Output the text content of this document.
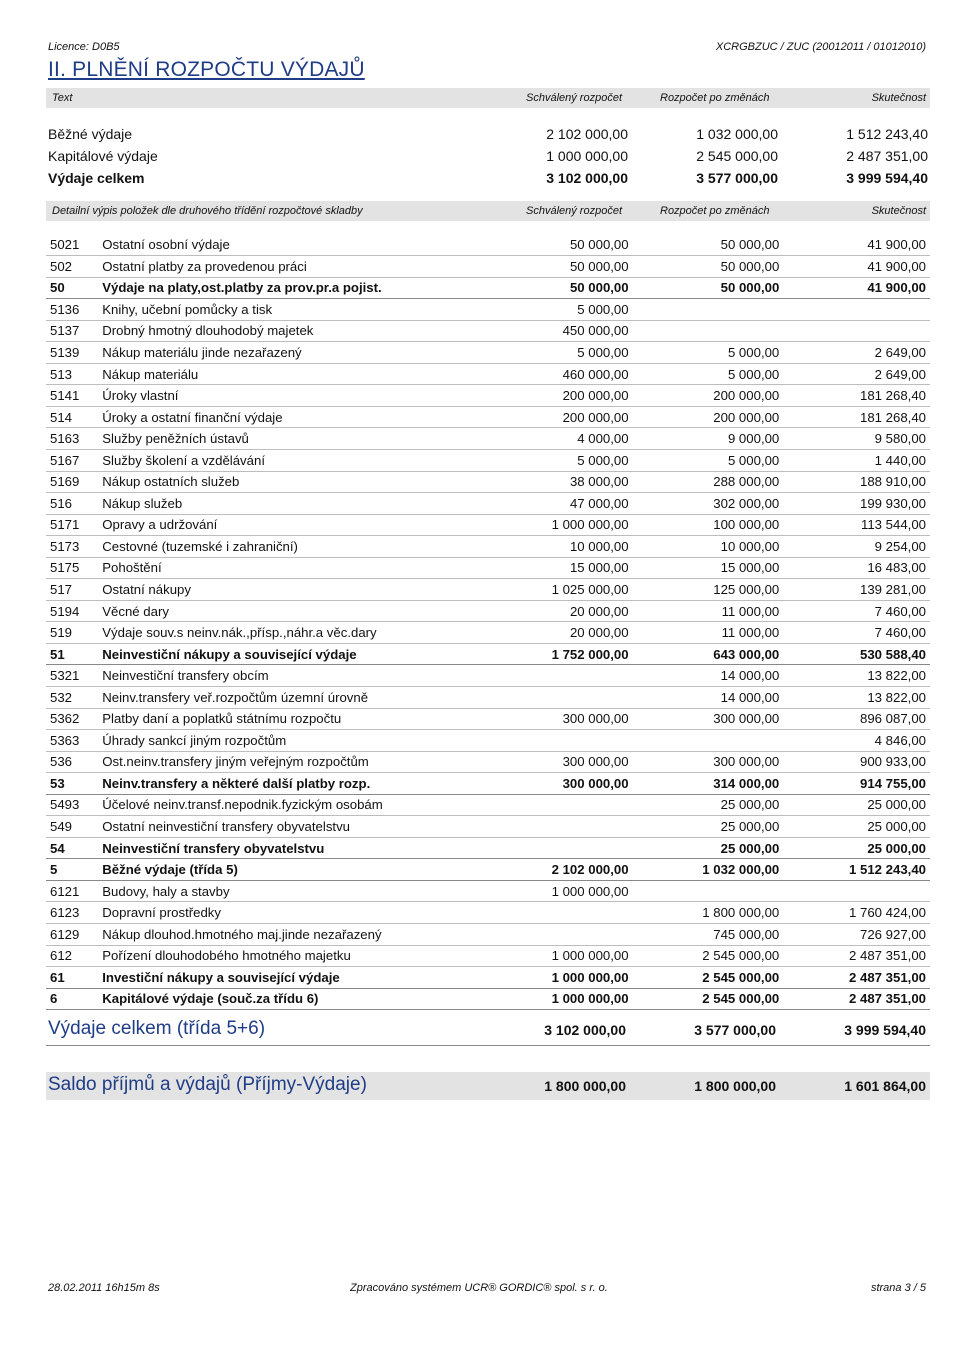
Licence: D0B5	XCRGBZUC / ZUC (20012011 / 01012010)
II. PLNĚNÍ ROZPOČTU VÝDAJŮ
Text	Schválený rozpočet	Rozpočet po změnách	Skutečnost
Běžné výdaje	2 102 000,00	1 032 000,00	1 512 243,40
Kapitálové výdaje	1 000 000,00	2 545 000,00	2 487 351,00
Výdaje celkem	3 102 000,00	3 577 000,00	3 999 594,40
Detailní výpis položek dle druhového třídění rozpočtové skladby	Schválený rozpočet	Rozpočet po změnách	Skutečnost
5021	Ostatní osobní výdaje	50 000,00	50 000,00	41 900,00
502	Ostatní platby za provedenou práci	50 000,00	50 000,00	41 900,00
50	Výdaje na platy,ost.platby za prov.pr.a pojist.	50 000,00	50 000,00	41 900,00
5136	Knihy, učební pomůcky a tisk	5 000,00		
5137	Drobný hmotný dlouhodobý majetek	450 000,00		
5139	Nákup materiálu jinde nezařazený	5 000,00	5 000,00	2 649,00
513	Nákup materiálu	460 000,00	5 000,00	2 649,00
5141	Úroky vlastní	200 000,00	200 000,00	181 268,40
514	Úroky a ostatní finanční výdaje	200 000,00	200 000,00	181 268,40
5163	Služby peněžních ústavů	4 000,00	9 000,00	9 580,00
5167	Služby školení a vzdělávání	5 000,00	5 000,00	1 440,00
5169	Nákup ostatních služeb	38 000,00	288 000,00	188 910,00
516	Nákup služeb	47 000,00	302 000,00	199 930,00
5171	Opravy a udržování	1 000 000,00	100 000,00	113 544,00
5173	Cestovné (tuzemské i zahraniční)	10 000,00	10 000,00	9 254,00
5175	Pohoštění	15 000,00	15 000,00	16 483,00
517	Ostatní nákupy	1 025 000,00	125 000,00	139 281,00
5194	Věcné dary	20 000,00	11 000,00	7 460,00
519	Výdaje souv.s neinv.nák.,přísp.,náhr.a věc.dary	20 000,00	11 000,00	7 460,00
51	Neinvestiční nákupy a související výdaje	1 752 000,00	643 000,00	530 588,40
5321	Neinvestiční transfery obcím		14 000,00	13 822,00
532	Neinv.transfery veř.rozpočtům územní úrovně		14 000,00	13 822,00
5362	Platby daní a poplatků státnímu rozpočtu	300 000,00	300 000,00	896 087,00
5363	Úhrady sankcí jiným rozpočtům			4 846,00
536	Ost.neinv.transfery jiným veřejným rozpočtům	300 000,00	300 000,00	900 933,00
53	Neinv.transfery a některé další platby rozp.	300 000,00	314 000,00	914 755,00
5493	Účelové neinv.transf.nepodnik.fyzickým osobám		25 000,00	25 000,00
549	Ostatní neinvestiční transfery obyvatelstvu		25 000,00	25 000,00
54	Neinvestiční transfery obyvatelstvu		25 000,00	25 000,00
5	Běžné výdaje (třída 5)	2 102 000,00	1 032 000,00	1 512 243,40
6121	Budovy, haly a stavby	1 000 000,00		
6123	Dopravní prostředky		1 800 000,00	1 760 424,00
6129	Nákup dlouhod.hmotného maj.jinde nezařazený		745 000,00	726 927,00
612	Pořízení dlouhodobého hmotného majetku	1 000 000,00	2 545 000,00	2 487 351,00
61	Investiční nákupy a související výdaje	1 000 000,00	2 545 000,00	2 487 351,00
6	Kapitálové výdaje (souč.za třídu 6)	1 000 000,00	2 545 000,00	2 487 351,00
Výdaje celkem (třída 5+6)	3 102 000,00	3 577 000,00	3 999 594,40
Saldo příjmů a výdajů (Příjmy-Výdaje)	1 800 000,00	1 800 000,00	1 601 864,00
28.02.2011 16h15m 8s	Zpracováno systémem UCR® GORDIC® spol. s r. o.	strana 3 / 5
